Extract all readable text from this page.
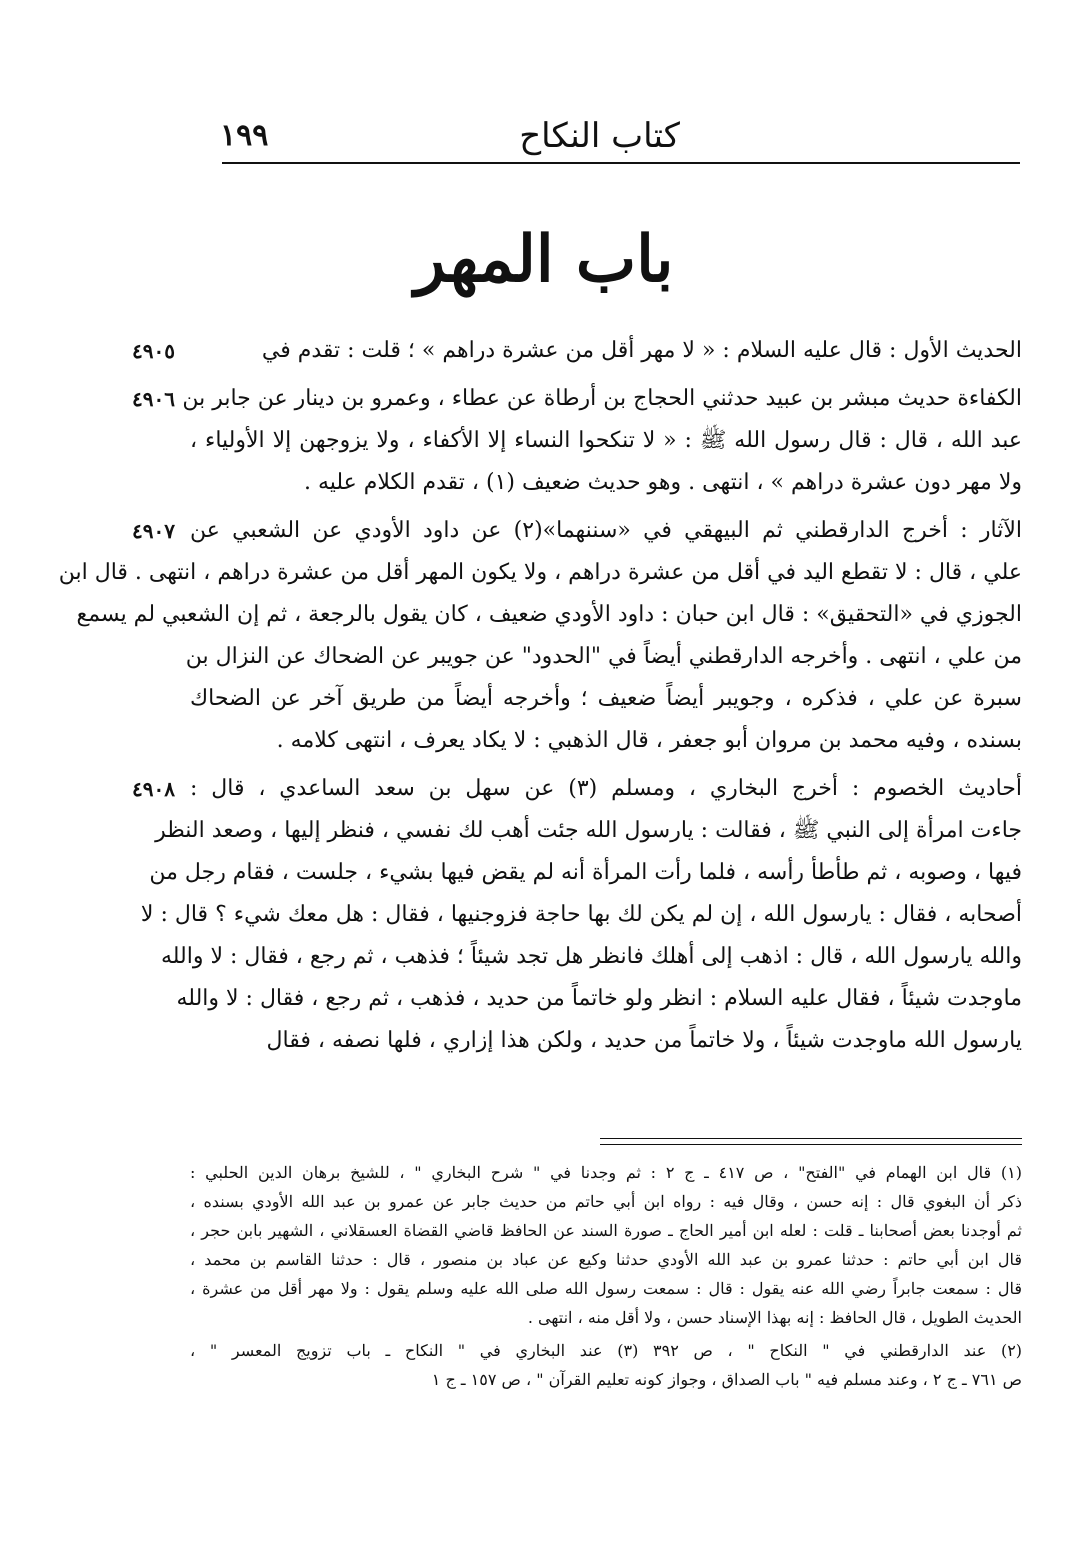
كتاب النكاح
١٩٩
باب المهر
٤٩٠٥	الحديث الأول : قال عليه السلام : « لا مهر أقل من عشرة دراهم » ؛ قلت : تقدم في
٤٩٠٦ الكفاءة حديث مبشر بن عبيد حدثني الحجاج بن أرطاة عن عطاء ، وعمرو بن دينار عن جابر بن
عبد الله ، قال : قال رسول الله ﷺ : « لا تنكحوا النساء إلا الأكفاء ، ولا يزوجهن إلا الأولياء ،
ولا مهر دون عشرة دراهم » ، انتهى . وهو حديث ضعيف (١) ، تقدم الكلام عليه .
٤٩٠٧ الآثار : أخرج الدارقطني ثم البيهقي في «سننهما»(٢) عن داود الأودي عن الشعبي عن
علي ، قال : لا تقطع اليد في أقل من عشرة دراهم ، ولا يكون المهر أقل من عشرة دراهم ، انتهى . قال ابن
الجوزي في «التحقيق» : قال ابن حبان : داود الأودي ضعيف ، كان يقول بالرجعة ، ثم إن الشعبي لم يسمع
من علي ، انتهى . وأخرجه الدارقطني أيضاً في "الحدود" عن جويبر عن الضحاك عن النزال بن
سبرة عن علي ، فذكره ، وجويبر أيضاً ضعيف ؛ وأخرجه أيضاً من طريق آخر عن الضحاك
بسنده ، وفيه محمد بن مروان أبو جعفر ، قال الذهبي : لا يكاد يعرف ، انتهى كلامه .
٤٩٠٨ أحاديث الخصوم : أخرج البخاري ، ومسلم (٣) عن سهل بن سعد الساعدي ، قال :
جاءت امرأة إلى النبي ﷺ ، فقالت : يارسول الله جئت أهب لك نفسي ، فنظر إليها ، وصعد النظر
فيها ، وصوبه ، ثم طأطأ رأسه ، فلما رأت المرأة أنه لم يقض فيها بشيء ، جلست ، فقام رجل من
أصحابه ، فقال : يارسول الله ، إن لم يكن لك بها حاجة فزوجنيها ، فقال : هل معك شيء ؟ قال : لا
والله يارسول الله ، قال : اذهب إلى أهلك فانظر هل تجد شيئاً ؛ فذهب ، ثم رجع ، فقال : لا والله
ماوجدت شيئاً ، فقال عليه السلام : انظر ولو خاتماً من حديد ، فذهب ، ثم رجع ، فقال : لا والله
يارسول الله ماوجدت شيئاً ، ولا خاتماً من حديد ، ولكن هذا إزاري ، فلها نصفه ، فقال
(١) قال ابن الهمام في "الفتح" ، ص ٤١٧ ـ ج ٢ : ثم وجدنا في " شرح البخاري " ، للشيخ برهان الدين الحلبي :
ذكر أن البغوي قال : إنه حسن ، وقال فيه : رواه ابن أبي حاتم من حديث جابر عن عمرو بن عبد الله الأودي بسنده ،
ثم أوجدنا بعض أصحابنا ـ قلت : لعله ابن أمير الحاج ـ صورة السند عن الحافظ قاضي القضاة العسقلاني ، الشهير بابن حجر ،
قال ابن أبي حاتم : حدثنا عمرو بن عبد الله الأودي حدثنا وكيع عن عباد بن منصور ، قال : حدثنا القاسم بن محمد ،
قال : سمعت جابراً رضي الله عنه يقول : قال : سمعت رسول الله صلى الله عليه وسلم يقول : ولا مهر أقل من عشرة ،
الحديث الطويل ، قال الحافظ : إنه بهذا الإسناد حسن ، ولا أقل منه ، انتهى .
(٢) عند الدارقطني في " النكاح " ، ص ٣٩٢ (٣) عند البخاري في " النكاح ـ باب تزويج المعسر " ،
ص ٧٦١ ـ ج ٢ ، وعند مسلم فيه " باب الصداق ، وجواز كونه تعليم القرآن " ، ص ١٥٧ ـ ج ١
